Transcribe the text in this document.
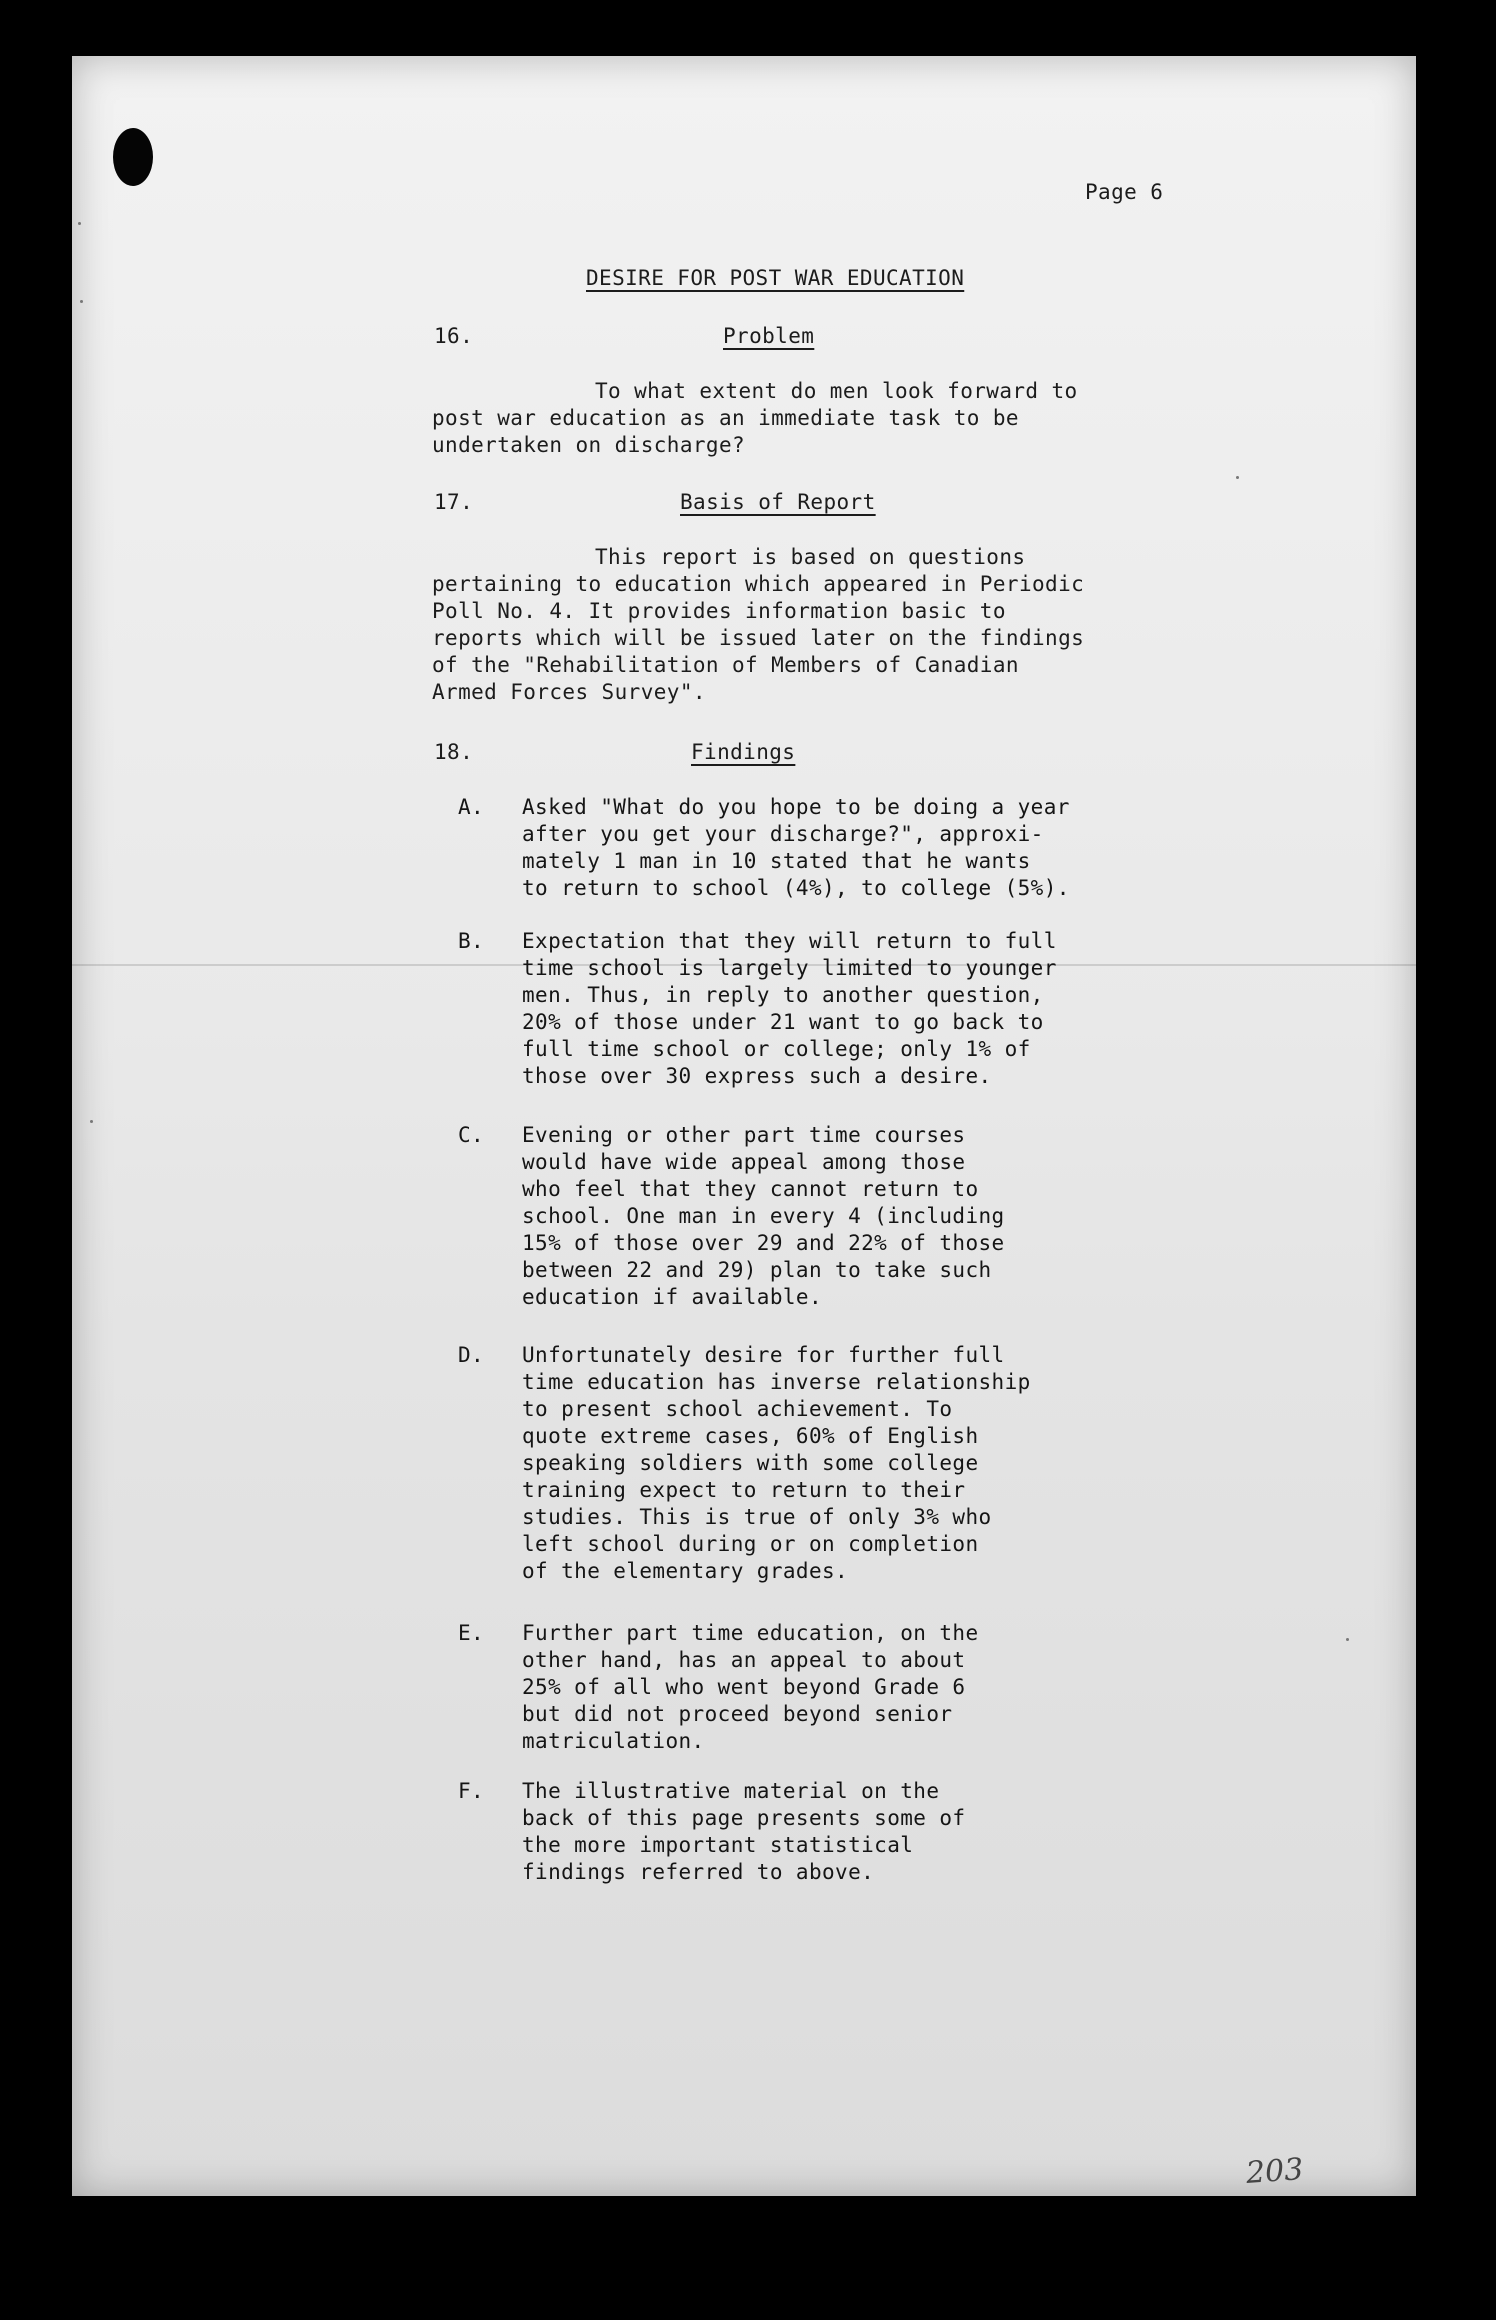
Page 6
DESIRE FOR POST WAR EDUCATION
16.	Problem
To what extent do men look forward to
post war education as an immediate task to be
undertaken on discharge?
17.	Basis of Report
This report is based on questions
pertaining to education which appeared in Periodic
Poll No. 4. It provides information basic to
reports which will be issued later on the findings
of the "Rehabilitation of Members of Canadian
Armed Forces Survey".
18.	Findings
A.	Asked "What do you hope to be doing a year
after you get your discharge?", approxi-
mately 1 man in 10 stated that he wants
to return to school (4%), to college (5%).
B.	Expectation that they will return to full
time school is largely limited to younger
men. Thus, in reply to another question,
20% of those under 21 want to go back to
full time school or college; only 1% of
those over 30 express such a desire.
C.	Evening or other part time courses
would have wide appeal among those
who feel that they cannot return to
school. One man in every 4 (including
15% of those over 29 and 22% of those
between 22 and 29) plan to take such
education if available.
D.	Unfortunately desire for further full
time education has inverse relationship
to present school achievement. To
quote extreme cases, 60% of English
speaking soldiers with some college
training expect to return to their
studies. This is true of only 3% who
left school during or on completion
of the elementary grades.
E.	Further part time education, on the
other hand, has an appeal to about
25% of all who went beyond Grade 6
but did not proceed beyond senior
matriculation.
F.	The illustrative material on the
back of this page presents some of
the more important statistical
findings referred to above.
203
